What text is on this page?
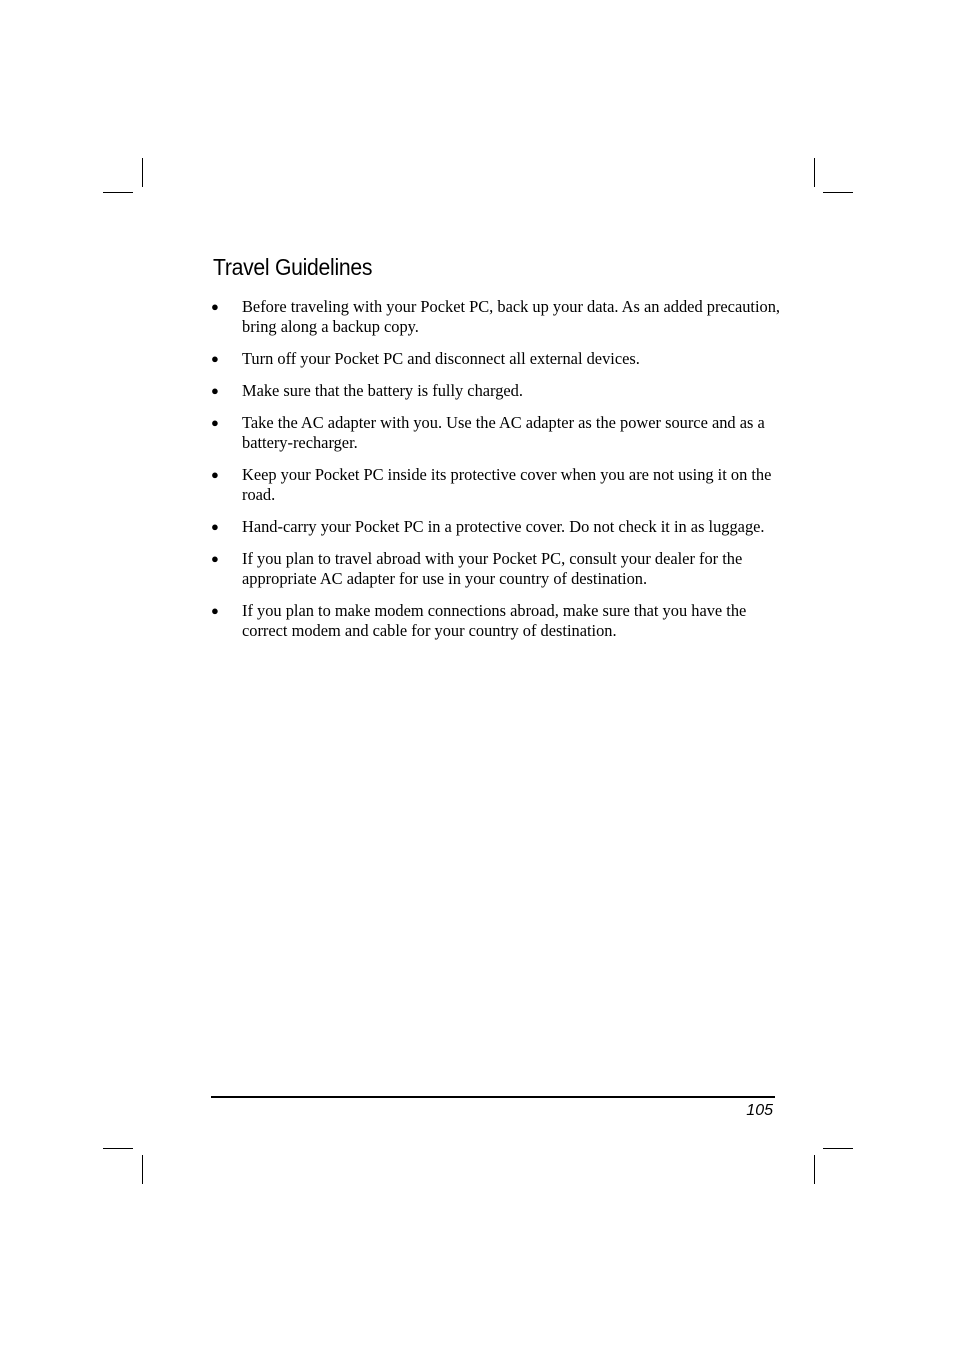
Travel Guidelines
● Before traveling with your Pocket PC, back up your data. As an added precaution, bring along a backup copy.
● Turn off your Pocket PC and disconnect all external devices.
● Make sure that the battery is fully charged.
● Take the AC adapter with you. Use the AC adapter as the power source and as a battery-recharger.
● Keep your Pocket PC inside its protective cover when you are not using it on the road.
● Hand-carry your Pocket PC in a protective cover. Do not check it in as luggage.
● If you plan to travel abroad with your Pocket PC, consult your dealer for the appropriate AC adapter for use in your country of destination.
● If you plan to make modem connections abroad, make sure that you have the correct modem and cable for your country of destination.
105
